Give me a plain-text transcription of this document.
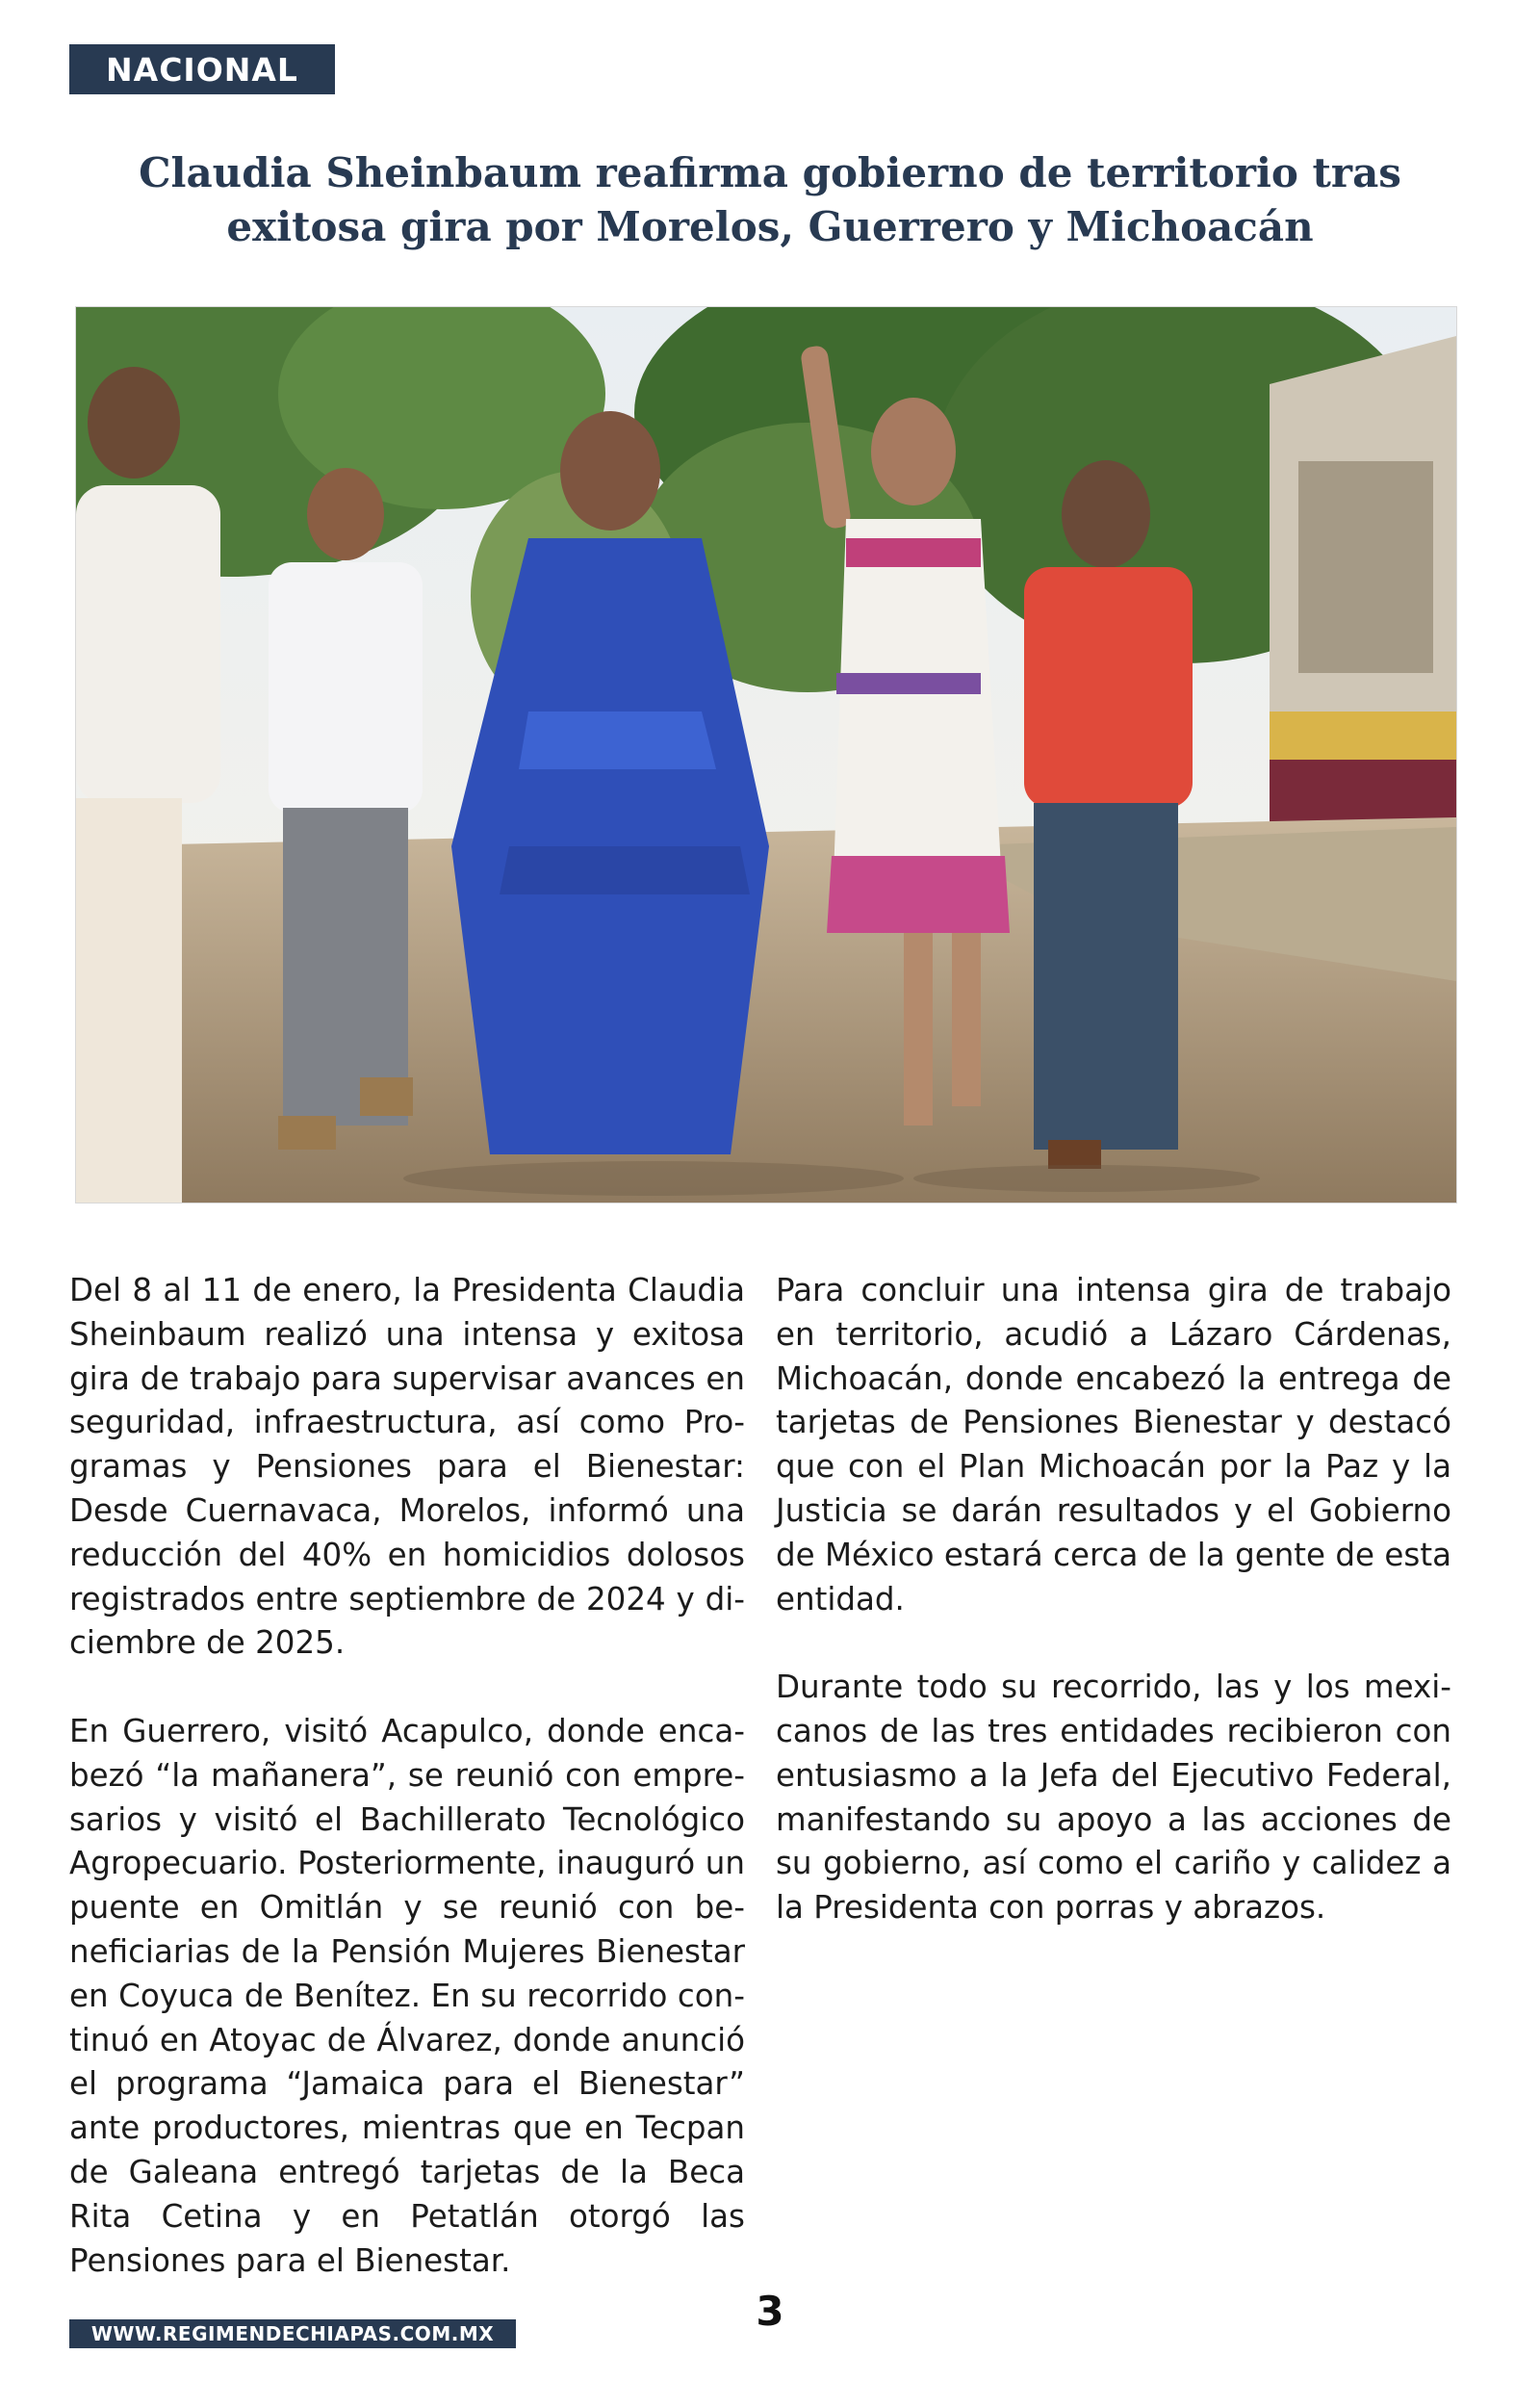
NACIONAL
Claudia Sheinbaum reafirma gobierno de territorio tras exitosa gira por Morelos, Guerrero y Michoacán

Del 8 al 11 de enero, la Presidenta Claudia Sheinbaum realizó una intensa y exitosa gira de trabajo para supervisar avances en seguridad, infraestructura, así como Programas y Pensiones para el Bienestar: Desde Cuernavaca, Morelos, informó una reducción del 40% en homicidios dolosos registrados entre septiembre de 2024 y diciembre de 2025.

En Guerrero, visitó Acapulco, donde encabezó “la mañanera”, se reunió con empresarios y visitó el Bachillerato Tecnológico Agropecuario. Posteriormente, inauguró un puente en Omitlán y se reunió con beneficiarias de la Pensión Mujeres Bienestar en Coyuca de Benítez. En su recorrido continuó en Atoyac de Álvarez, donde anunció el programa “Jamaica para el Bienestar” ante productores, mientras que en Tecpan de Galeana entregó tarjetas de la Beca Rita Cetina y en Petatlán otorgó las Pensiones para el Bienestar.

Para concluir una intensa gira de trabajo en territorio, acudió a Lázaro Cárdenas, Michoacán, donde encabezó la entrega de tarjetas de Pensiones Bienestar y destacó que con el Plan Michoacán por la Paz y la Justicia se darán resultados y el Gobierno de México estará cerca de la gente de esta entidad.

Durante todo su recorrido, las y los mexicanos de las tres entidades recibieron con entusiasmo a la Jefa del Ejecutivo Federal, manifestando su apoyo a las acciones de su gobierno, así como el cariño y calidez a la Presidenta con porras y abrazos.

WWW.REGIMENDECHIAPAS.COM.MX	3
